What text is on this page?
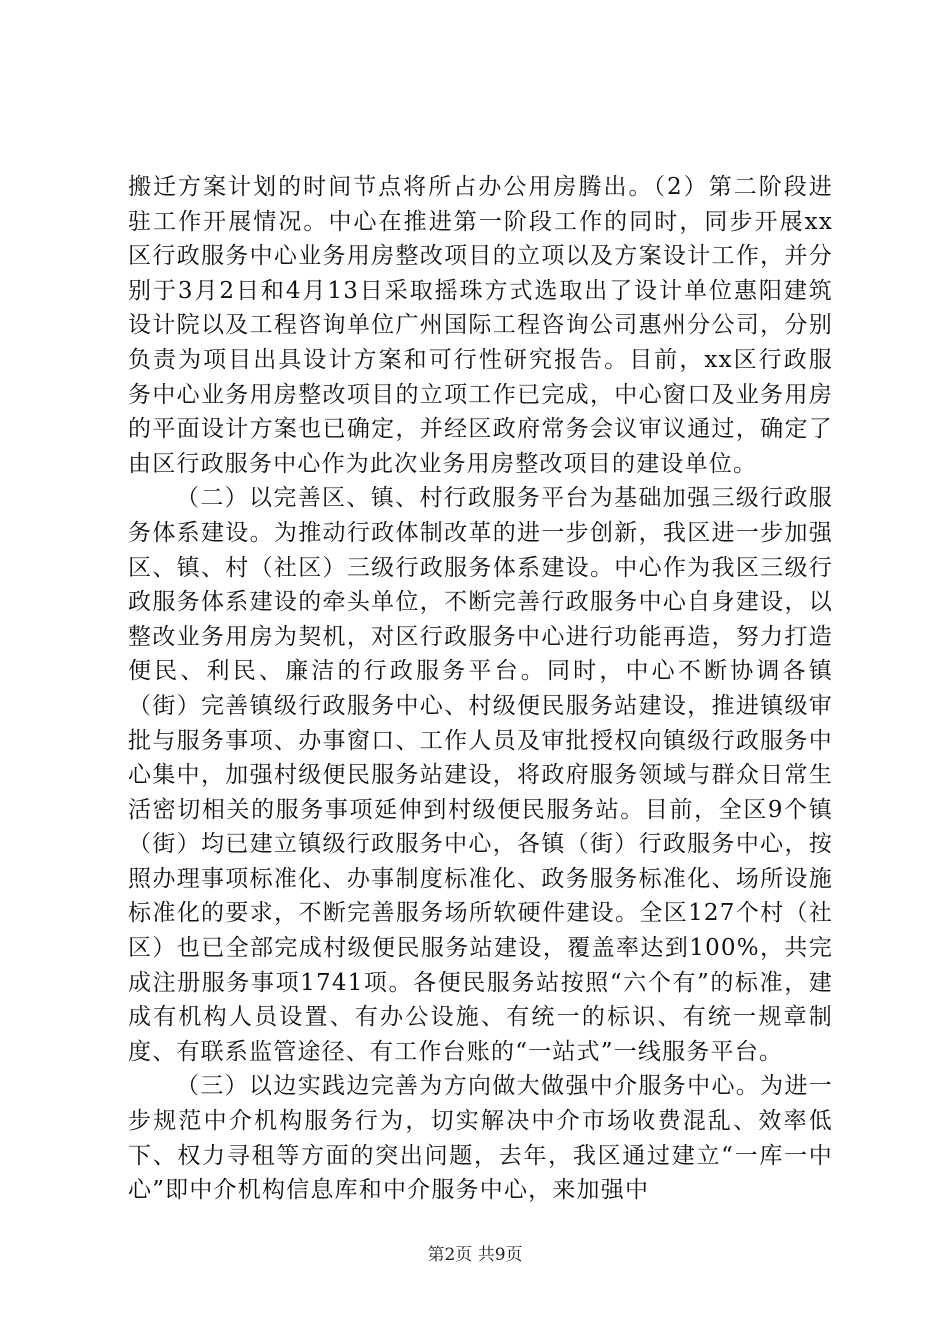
搬迁方案计划的时间节点将所占办公用房腾出。（2）第二阶段进驻工作开展情况。中心在推进第一阶段工作的同时，同步开展xx区行政服务中心业务用房整改项目的立项以及方案设计工作，并分别于3月2日和4月13日采取摇珠方式选取出了设计单位惠阳建筑设计院以及工程咨询单位广州国际工程咨询公司惠州分公司，分别负责为项目出具设计方案和可行性研究报告。目前，xx区行政服务中心业务用房整改项目的立项工作已完成，中心窗口及业务用房的平面设计方案也已确定，并经区政府常务会议审议通过，确定了由区行政服务中心作为此次业务用房整改项目的建设单位。

（二）以完善区、镇、村行政服务平台为基础加强三级行政服务体系建设。为推动行政体制改革的进一步创新，我区进一步加强区、镇、村（社区）三级行政服务体系建设。中心作为我区三级行政服务体系建设的牵头单位，不断完善行政服务中心自身建设，以整改业务用房为契机，对区行政服务中心进行功能再造，努力打造便民、利民、廉洁的行政服务平台。同时，中心不断协调各镇（街）完善镇级行政服务中心、村级便民服务站建设，推进镇级审批与服务事项、办事窗口、工作人员及审批授权向镇级行政服务中心集中，加强村级便民服务站建设，将政府服务领域与群众日常生活密切相关的服务事项延伸到村级便民服务站。目前，全区9个镇（街）均已建立镇级行政服务中心，各镇（街）行政服务中心，按照办理事项标准化、办事制度标准化、政务服务标准化、场所设施标准化的要求，不断完善服务场所软硬件建设。全区127个村（社区）也已全部完成村级便民服务站建设，覆盖率达到100%，共完成注册服务事项1741项。各便民服务站按照“六个有”的标准，建成有机构人员设置、有办公设施、有统一的标识、有统一规章制度、有联系监管途径、有工作台账的“一站式”一线服务平台。

（三）以边实践边完善为方向做大做强中介服务中心。为进一步规范中介机构服务行为，切实解决中介市场收费混乱、效率低下、权力寻租等方面的突出问题，去年，我区通过建立“一库一中心”即中介机构信息库和中介服务中心，来加强中

第2页 共9页
